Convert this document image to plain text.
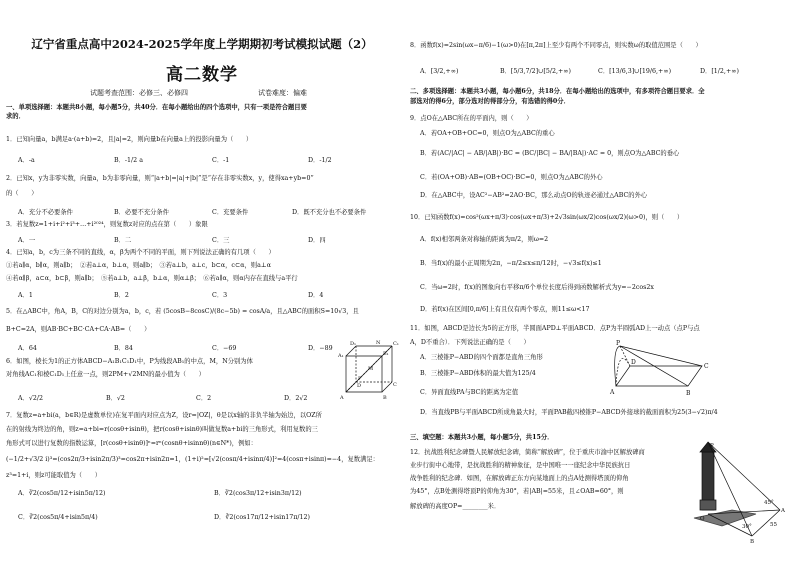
辽宁省重点高中2024-2025学年度上学期期初考试模拟试题（2）
高二数学
试题考查范围：必修三、必修四	试卷难度：偏难
一、单项选择题：本题共8小题，每小题5分，共40分．在每小题给出的四个选项中，只有一项是符合题目要
求的．
1．已知向量a，b满足a·(a+b)=2，且|a|=2，则向量b在向量a上的投影向量为（　　）
A．-a	B．-1/2 a	C．-1	D．-1/2
2．已知x，y为非零实数，向量a，b为非零向量，则“|a+b|=|a|+|b|”是“存在非零实数x，y，使得xa+yb=0”
的（　　）
A．充分不必要条件	B．必要不充分条件	C．充要条件	D．既不充分也不必要条件
3．若复数z=1+i+i²+i³+…+i²⁰²⁴，则复数z对应的点在第（　　）象限
A．一	B．二	C．三	D．四
4．已知a，b，c为三条不同的直线，α，β为两个不同的平面，则下列说法正确的有几项（　　）
①若a∥α，b∥α，则a∥b；　②若a⊥α，b⊥α，则a∥b；　③若a⊥b，a⊥c，b⊂α，c⊂α，则a⊥α
④若α∥β，a⊂α，b⊂β，则a∥b；　⑤若a⊥b，a⊥β，b⊥α，则α⊥β；　⑥若a∥α，则α内存在直线与a平行
A．1	B．2	C．3	D．4
5．在△ABC中，角A，B，C的对边分别为a，b，c，若 (5cosB−8cosC)/(8c−5b) = cosA/a，且△ABC的面积S=10√3，且
B+C=2A，则AB·BC+BC·CA+CA·AB=（　　）
A．64	B．84	C．−69	D．−89
6．如图，棱长为1的正方体ABCD−A₁B₁C₁D₁中，P为线段AB₁的中点，M，N分别为体
对角线AC₁和棱C₁D₁上任意一点，则2PM+√2MN的最小值为（　　）
A．√2/2	B．√2	C．2	D．2√2
D₁	C₁
A₁	B₁
M
N
P
D	C
A	B
7．复数z=a+bi(a，b∈R)是虚数单位)在复平面内对应点为Z，设r=|OZ|，θ是以x轴的非负半轴为始边，以OZ所
在的射线为终边的角，则z=a+bi=r(cosθ+isinθ)，把r(cosθ+isinθ)叫做复数a+bi的三角形式，利用复数的三
角形式可以进行复数的指数运算，[r(cosθ+isinθ)]ⁿ=rⁿ(cosnθ+isinnθ)(n∈N*)，例如：
(−1/2+√3/2 i)³=(cos2π/3+isin2π/3)³=cos2π+isin2π=1，(1+i)²=[√2(cosπ/4+isinπ/4)]²=4(cosπ+isinπ)=−4，复数满足：
z³=1+i，则z可能取值为（　　）
A．∛2(cos5π/12+isin5π/12)	B．∛2(cos3π/12+isin3π/12)
C．∛2(cos5π/4+isin5π/4)	D．∛2(cos17π/12+isin17π/12)
8．函数f(x)=2sin(ωx−π/6)−1(ω>0)在[π,2π]上至少有两个不同零点，则实数ω的取值范围是（　　）
A．[3/2,+∞)	B．[5/3,7/2]∪[5/2,+∞)	C．[13/6,3]∪[19/6,+∞)	D．[1/2,+∞)
二、多项选择题：本题共3小题，每小题6分，共18分．在每小题给出的选项中，有多项符合题目要求．全
部选对的得6分，部分选对的得部分分，有选错的得0分．
9．点O在△ABC所在的平面内，则（　　）
A．若OA+OB+OC=0，则点O为△ABC的重心
B．若(AC/|AC| − AB/|AB|)·BC = (BC/|BC| − BA/|BA|)·AC = 0，则点O为△ABC的垂心
C．若(OA+OB)·AB=(OB+OC)·BC=0，则点O为△ABC的外心
D．在△ABC中，设AC²−AB²=2AO·BC，那么动点O的轨迹必通过△ABC的外心
10．已知函数f(x)=cos²(ωx+π/3)·cos(ωx+π/3)+2√3sin(ωx/2)cos(ωx/2)(ω>0)，则（　　）
A．f(x)相邻两条对称轴的距离为π/2，则ω=2
B．当f(x)的最小正周期为2π，−π/2≤x≤π/12时，−√3≤f(x)≤1
C．当ω=2时，f(x)的图象向右平移π/6个单位长度后得到函数解析式为y=−2cos2x
D．若f(x)在区间[0,π/6]上有且仅有两个零点，则11≤ω<17
11．如图，ABCD是边长为5的正方形，半圆面APD⊥平面ABCD．点P为半圆弧AD上一动点（点P与点
A，D不重合）．下列说法正确的是（　　）
A．三棱锥P−ABD的四个面都是直角三角形
B．三棱锥P−ABD体积的最大值为125/4
C．异面直线PA与BC的距离为定值
D．当直线PB与平面ABCD所成角最大时，平面PAB截四棱锥P−ABCD外接球的截面面积为25(3−√2)π/4
P
A	B
C
D
三、填空题：本题共3小题，每小题5分，共15分．
12．抗战胜利纪念碑暨人民解放纪念碑，简称“解放碑”，位于重庆市渝中区解放碑商
业步行街中心地带，是抗战胜利的精神象征，是中国唯一一座纪念中华民族抗日
战争胜利的纪念碑．如图，在解放碑正东方向某地面上的点A处测得塔顶的仰角
为45°，点B处测得塔顶P的仰角为30°，若|AB|=55米，且∠OAB=60°，则
解放碑的高度OP=________米．
P
O
A
B
45°
30°	55
